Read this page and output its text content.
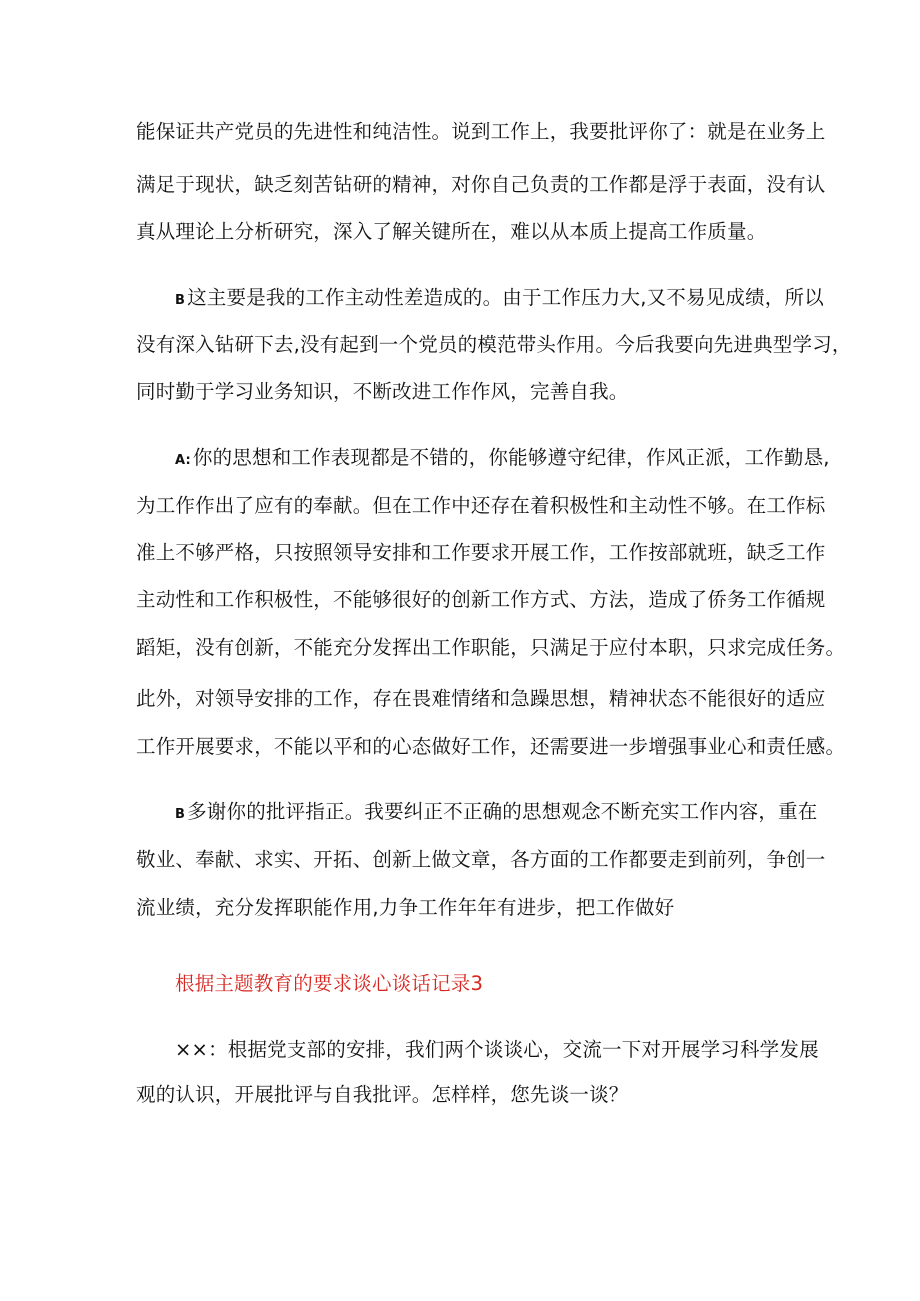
能保证共产党员的先进性和纯洁性。说到工作上，我要批评你了：就是在业务上
满足于现状，缺乏刻苦钻研的精神，对你自己负责的工作都是浮于表面，没有认
真从理论上分析研究，深入了解关键所在，难以从本质上提高工作质量。
B 这主要是我的工作主动性差造成的。由于工作压力大,又不易见成绩，所以
没有深入钻研下去,没有起到一个党员的模范带头作用。今后我要向先进典型学习，
同时勤于学习业务知识，不断改进工作作风，完善自我。
A: 你的思想和工作表现都是不错的，你能够遵守纪律，作风正派，工作勤恳,
为工作作出了应有的奉献。但在工作中还存在着积极性和主动性不够。在工作标
准上不够严格，只按照领导安排和工作要求开展工作，工作按部就班，缺乏工作
主动性和工作积极性，不能够很好的创新工作方式、方法，造成了侨务工作循规
蹈矩，没有创新，不能充分发挥出工作职能，只满足于应付本职，只求完成任务。
此外，对领导安排的工作，存在畏难情绪和急躁思想，精神状态不能很好的适应
工作开展要求，不能以平和的心态做好工作，还需要进一步增强事业心和责任感。
B 多谢你的批评指正。我要纠正不正确的思想观念不断充实工作内容，重在
敬业、奉献、求实、开拓、创新上做文章，各方面的工作都要走到前列，争创一
流业绩，充分发挥职能作用,力争工作年年有进步，把工作做好
根据主题教育的要求谈心谈话记录3
××：根据党支部的安排，我们两个谈谈心，交流一下对开展学习科学发展
观的认识，开展批评与自我批评。怎样样，您先谈一谈？
